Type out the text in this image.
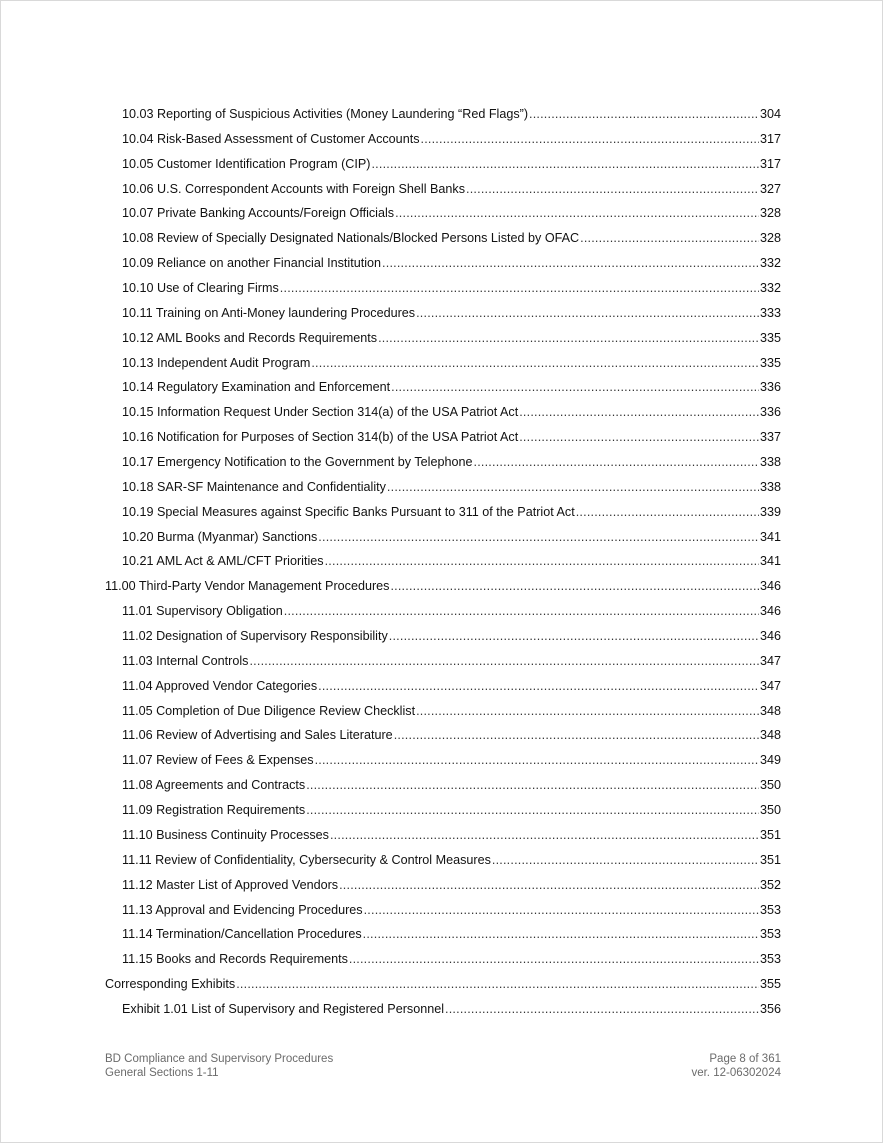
10.03 Reporting of Suspicious Activities (Money Laundering “Red Flags”) .....	304
10.04 Risk-Based Assessment of Customer Accounts .....	317
10.05 Customer Identification Program (CIP) .....	317
10.06 U.S. Correspondent Accounts with Foreign Shell Banks .....	327
10.07 Private Banking Accounts/Foreign Officials .....	328
10.08 Review of Specially Designated Nationals/Blocked Persons Listed by OFAC .....	328
10.09 Reliance on another Financial Institution .....	332
10.10 Use of Clearing Firms .....	332
10.11 Training on Anti-Money laundering Procedures .....	333
10.12 AML Books and Records Requirements .....	335
10.13 Independent Audit Program .....	335
10.14 Regulatory Examination and Enforcement .....	336
10.15 Information Request Under Section 314(a) of the USA Patriot Act .....	336
10.16 Notification for Purposes of Section 314(b) of the USA Patriot Act .....	337
10.17 Emergency Notification to the Government by Telephone .....	338
10.18 SAR-SF Maintenance and Confidentiality .....	338
10.19 Special Measures against Specific Banks Pursuant to 311 of the Patriot Act .....	339
10.20 Burma (Myanmar) Sanctions .....	341
10.21 AML Act & AML/CFT Priorities .....	341
11.00 Third-Party Vendor Management Procedures .....	346
11.01 Supervisory Obligation .....	346
11.02 Designation of Supervisory Responsibility .....	346
11.03 Internal Controls .....	347
11.04 Approved Vendor Categories .....	347
11.05 Completion of Due Diligence Review Checklist .....	348
11.06 Review of Advertising and Sales Literature .....	348
11.07 Review of Fees & Expenses .....	349
11.08 Agreements and Contracts .....	350
11.09 Registration Requirements .....	350
11.10 Business Continuity Processes .....	351
11.11 Review of Confidentiality, Cybersecurity & Control Measures .....	351
11.12 Master List of Approved Vendors .....	352
11.13 Approval and Evidencing Procedures .....	353
11.14 Termination/Cancellation Procedures .....	353
11.15 Books and Records Requirements .....	353
Corresponding Exhibits .....	355
Exhibit 1.01 List of Supervisory and Registered Personnel .....	356
BD Compliance and Supervisory Procedures
General Sections 1-11
Page 8 of 361
ver. 12-06302024
